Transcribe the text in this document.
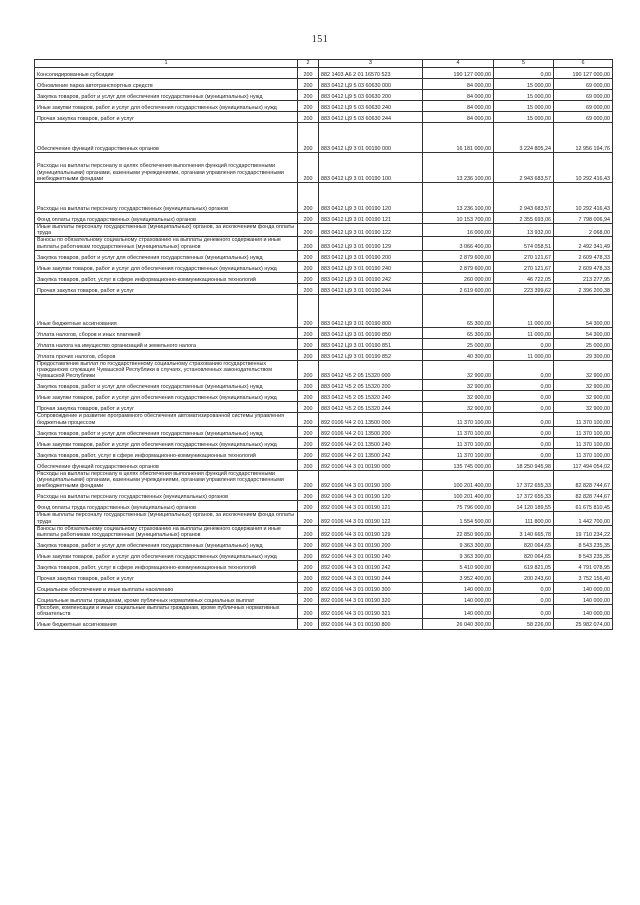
151
1	2	3	4	5	6
Консолидированные субсидии	200	882 1403 А6 2 01 16570 523	190 127 000,00	0,00	190 127 000,00
Обновление парка автотранспортных средств	200	883 0412 Ц9 5 03 60630 000	84 000,00	15 000,00	69 000,00
Закупка товаров, работ и услуг для обеспечения государственных (муниципальных) нужд	200	883 0412 Ц9 5 03 60630 200	84 000,00	15 000,00	69 000,00
Иные закупки товаров, работ и услуг для обеспечения государственных (муниципальных) нужд	200	883 0412 Ц9 5 03 60630 240	84 000,00	15 000,00	69 000,00
Прочая закупка товаров, работ и услуг	200	883 0412 Ц9 5 03 60630 244	84 000,00	15 000,00	69 000,00
Обеспечение функций государственных органов	200	883 0412 Ц9 3 01 00190 000	16 181 000,00	3 224 805,24	12 956 194,76
Расходы на выплаты персоналу в целях обеспечения выполнения функций государственными (муниципальными) органами, казенными учреждениями, органами управления государственными внебюджетными фондами	200	883 0412 Ц9 3 01 00190 100	13 236 100,00	2 943 683,57	10 292 416,43
Расходы на выплаты персоналу государственных (муниципальных) органов	200	883 0412 Ц9 3 01 00190 120	13 236 100,00	2 943 683,57	10 292 416,43
Фонд оплаты труда государственных (муниципальных) органов	200	883 0412 Ц9 3 01 00190 121	10 153 700,00	2 355 693,06	7 798 006,94
Иные выплаты персоналу государственных (муниципальных) органов, за исключением фонда оплаты труда	200	883 0412 Ц9 3 01 00190 122	16 000,00	13 932,00	2 068,00
Взносы по обязательному социальному страхованию на выплаты денежного содержания и иные выплаты работникам государственных (муниципальных) органов	200	883 0412 Ц9 3 01 00190 129	3 066 400,00	574 058,51	2 492 341,49
Закупка товаров, работ и услуг для обеспечения государственных (муниципальных) нужд	200	883 0412 Ц9 3 01 00190 200	2 879 600,00	270 121,67	2 609 478,33
Иные закупки товаров, работ и услуг для обеспечения государственных (муниципальных) нужд	200	883 0412 Ц9 3 01 00190 240	2 879 600,00	270 121,67	2 609 478,33
Закупка товаров, работ, услуг в сфере информационно-коммуникационных технологий	200	883 0412 Ц9 3 01 00190 242	260 000,00	46 722,05	213 277,95
Прочая закупка товаров, работ и услуг	200	883 0412 Ц9 3 01 00190 244	2 619 600,00	223 399,62	2 396 200,38
Иные бюджетные ассигнования	200	883 0412 Ц9 3 01 00190 800	65 300,00	11 000,00	54 300,00
Уплата налогов, сборов и иных платежей	200	883 0412 Ц9 3 01 00190 850	65 300,00	11 000,00	54 300,00
Уплата налога на имущество организаций и земельного налога	200	883 0412 Ц9 3 01 00190 851	25 000,00	0,00	25 000,00
Уплата прочих налогов, сборов	200	883 0412 Ц9 3 01 00190 852	40 300,00	11 000,00	29 300,00
Предоставление выплат по государственному социальному страхованию государственных гражданских служащих Чувашской Республики в случаях, установленных законодательством Чувашской Республики	200	883 0412 Ч5 2 05 15320 000	32 900,00	0,00	32 900,00
Закупка товаров, работ и услуг для обеспечения государственных (муниципальных) нужд	200	883 0412 Ч5 2 05 15320 200	32 900,00	0,00	32 900,00
Иные закупки товаров, работ и услуг для обеспечения государственных (муниципальных) нужд	200	883 0412 Ч5 2 05 15320 240	32 900,00	0,00	32 900,00
Прочая закупка товаров, работ и услуг	200	883 0412 Ч5 2 05 15320 244	32 900,00	0,00	32 900,00
Сопровождение и развитие программного обеспечения автоматизированной системы управления бюджетным процессом	200	892 0106 Ч4 2 01 13500 000	11 370 100,00	0,00	11 370 100,00
Закупка товаров, работ и услуг для обеспечения государственных (муниципальных) нужд	200	892 0106 Ч4 2 01 13500 200	11 370 100,00	0,00	11 370 100,00
Иные закупки товаров, работ и услуг для обеспечения государственных (муниципальных) нужд	200	892 0106 Ч4 2 01 13500 240	11 370 100,00	0,00	11 370 100,00
Закупка товаров, работ, услуг в сфере информационно-коммуникационных технологий	200	892 0106 Ч4 2 01 13500 242	11 370 100,00	0,00	11 370 100,00
Обеспечение функций государственных органов	200	892 0106 Ч4 3 01 00190 000	135 745 000,00	18 250 945,98	117 494 054,02
Расходы на выплаты персоналу в целях обеспечения выполнения функций государственными (муниципальными) органами, казенными учреждениями, органами управления государственными внебюджетными фондами	200	892 0106 Ч4 3 01 00190 100	100 201 400,00	17 372 655,33	82 828 744,67
Расходы на выплаты персоналу государственных (муниципальных) органов	200	892 0106 Ч4 3 01 00190 120	100 201 400,00	17 372 655,33	82 828 744,67
Фонд оплаты труда государственных (муниципальных) органов	200	892 0106 Ч4 3 01 00190 121	75 796 000,00	14 120 189,55	61 675 810,45
Иные выплаты персоналу государственных (муниципальных) органов, за исключением фонда оплаты труда	200	892 0106 Ч4 3 01 00190 122	1 554 500,00	111 800,00	1 442 700,00
Взносы по обязательному социальному страхованию на выплаты денежного содержания и иные выплаты работникам государственных (муниципальных) органов	200	892 0106 Ч4 3 01 00190 129	22 850 900,00	3 140 665,78	19 710 234,22
Закупка товаров, работ и услуг для обеспечения государственных (муниципальных) нужд	200	892 0106 Ч4 3 01 00190 200	9 363 300,00	820 064,65	8 543 235,35
Иные закупки товаров, работ и услуг для обеспечения государственных (муниципальных) нужд	200	892 0106 Ч4 3 01 00190 240	9 363 300,00	820 064,65	8 543 235,35
Закупка товаров, работ, услуг в сфере информационно-коммуникационных технологий	200	892 0106 Ч4 3 01 00190 242	5 410 900,00	619 821,05	4 791 078,95
Прочая закупка товаров, работ и услуг	200	892 0106 Ч4 3 01 00190 244	3 952 400,00	200 243,60	3 752 156,40
Социальное обеспечение и иные выплаты населению	200	892 0106 Ч4 3 01 00190 300	140 000,00	0,00	140 000,00
Социальные выплаты гражданам, кроме публичных нормативных социальных выплат	200	892 0106 Ч4 3 01 00190 320	140 000,00	0,00	140 000,00
Пособия, компенсации и иные социальные выплаты гражданам, кроме публичных нормативных обязательств	200	892 0106 Ч4 3 01 00190 321	140 000,00	0,00	140 000,00
Иные бюджетные ассигнования	200	892 0106 Ч4 3 01 00190 800	26 040 300,00	58 226,00	25 982 074,00
